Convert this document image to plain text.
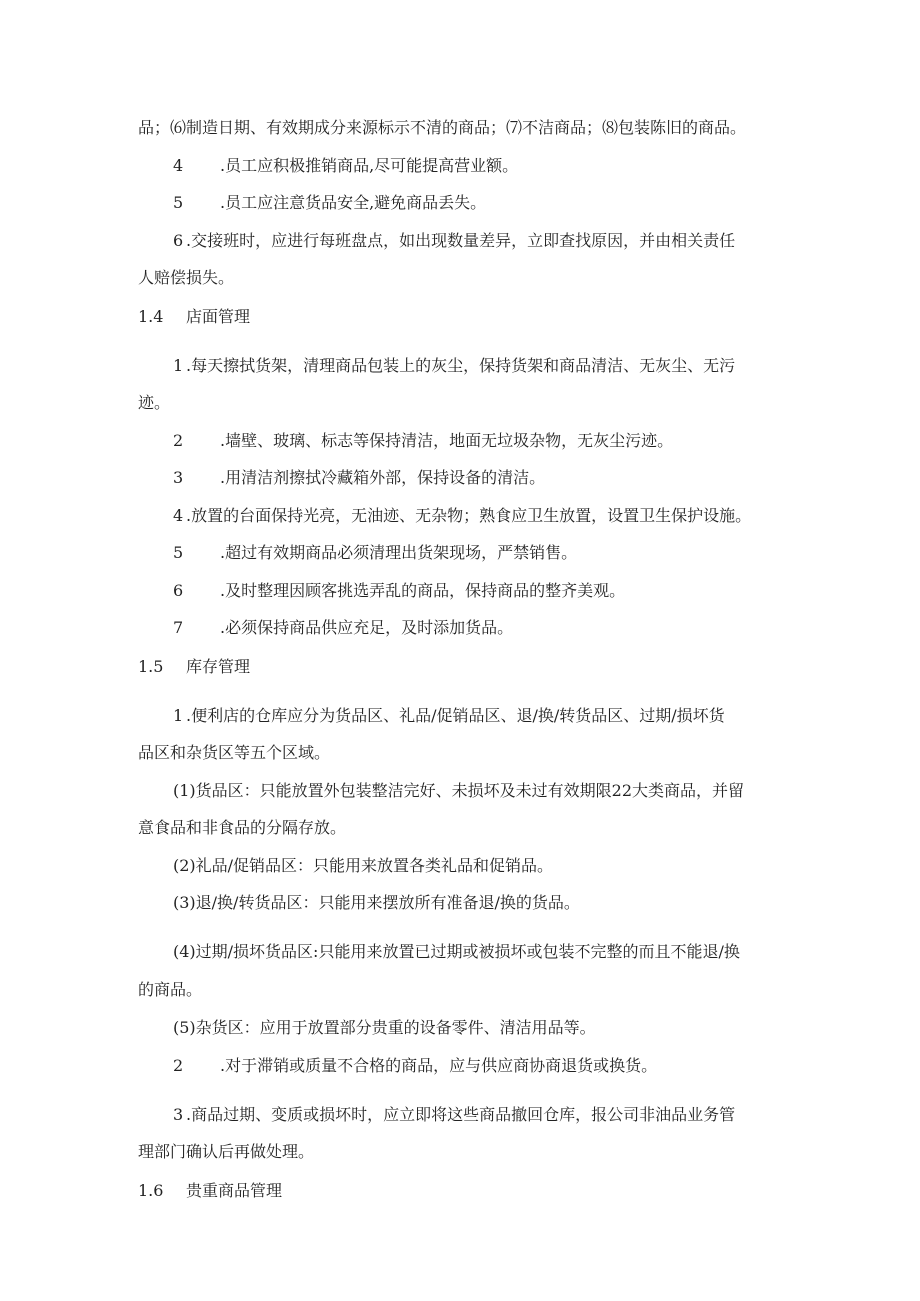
品；⑹制造日期、有效期成分来源标示不清的商品；⑺不洁商品；⑻包装陈旧的商品。
4 .员工应积极推销商品,尽可能提高营业额。
5 .员工应注意货品安全,避免商品丢失。
6 .交接班时，应进行每班盘点，如出现数量差异，立即查找原因，并由相关责任
人赔偿损失。
1.4 店面管理
1 .每天擦拭货架，清理商品包装上的灰尘，保持货架和商品清洁、无灰尘、无污
迹。
2 .墙壁、玻璃、标志等保持清洁，地面无垃圾杂物，无灰尘污迹。
3 .用清洁剂擦拭冷藏箱外部，保持设备的清洁。
4 .放置的台面保持光亮，无油迹、无杂物；熟食应卫生放置，设置卫生保护设施。
5 .超过有效期商品必须清理出货架现场，严禁销售。
6 .及时整理因顾客挑选弄乱的商品，保持商品的整齐美观。
7 .必须保持商品供应充足，及时添加货品。
1.5 库存管理
1 .便利店的仓库应分为货品区、礼品/促销品区、退/换/转货品区、过期/损坏货
品区和杂货区等五个区域。
(1)货品区：只能放置外包装整洁完好、未损坏及未过有效期限22大类商品，并留
意食品和非食品的分隔存放。
(2)礼品/促销品区：只能用来放置各类礼品和促销品。
(3)退/换/转货品区：只能用来摆放所有准备退/换的货品。
(4)过期/损坏货品区:只能用来放置已过期或被损坏或包装不完整的而且不能退/换
的商品。
(5)杂货区：应用于放置部分贵重的设备零件、清洁用品等。
2 .对于滞销或质量不合格的商品，应与供应商协商退货或换货。
3 .商品过期、变质或损坏时，应立即将这些商品撤回仓库，报公司非油品业务管
理部门确认后再做处理。
1.6 贵重商品管理
